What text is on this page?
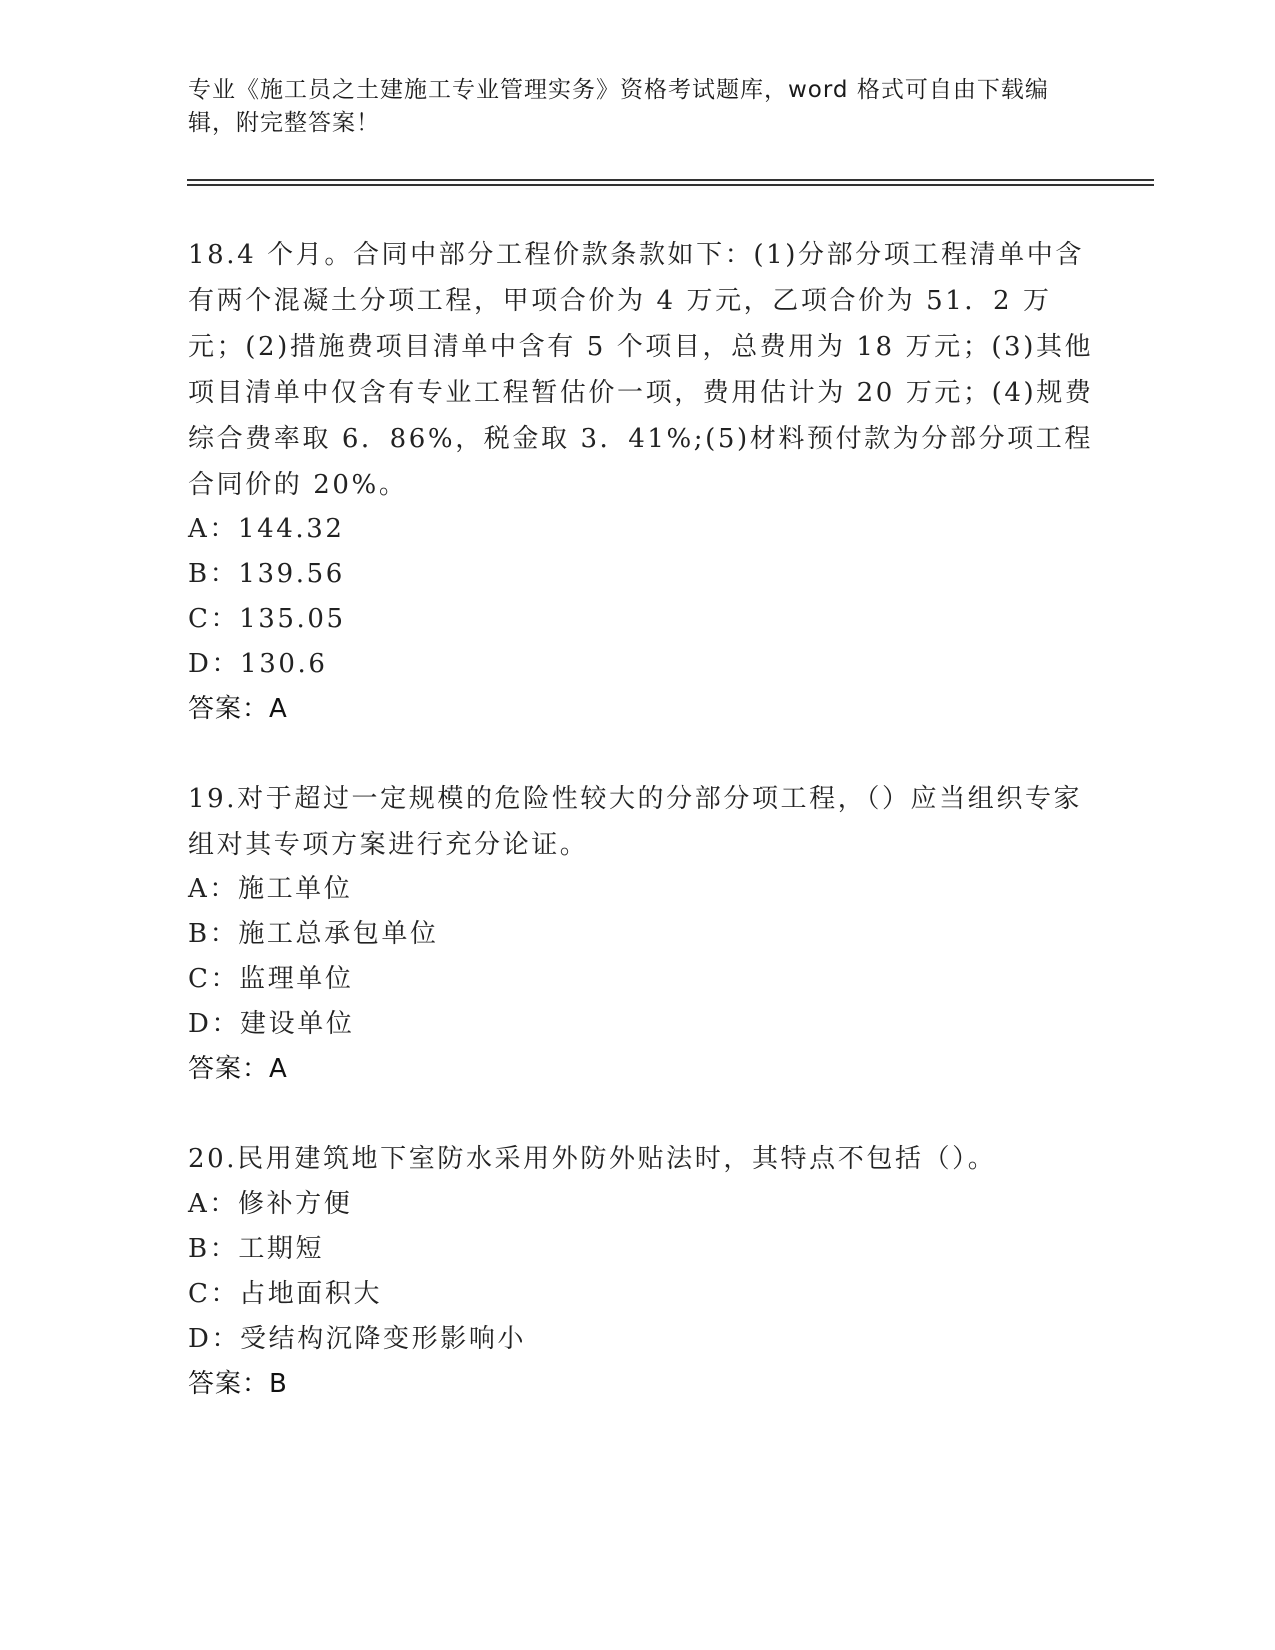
专业《施工员之土建施工专业管理实务》资格考试题库，word 格式可自由下载编辑，附完整答案！
18.4 个月。合同中部分工程价款条款如下：(1)分部分项工程清单中含有两个混凝土分项工程，甲项合价为 4 万元，乙项合价为 51．2 万元；(2)措施费项目清单中含有 5 个项目，总费用为 18 万元；(3)其他项目清单中仅含有专业工程暂估价一项，费用估计为 20 万元；(4)规费综合费率取 6．86%，税金取 3．41%;(5)材料预付款为分部分项工程合同价的 20%。
A：144.32
B：139.56
C：135.05
D：130.6
答案：A
19.对于超过一定规模的危险性较大的分部分项工程，（）应当组织专家组对其专项方案进行充分论证。
A：施工单位
B：施工总承包单位
C：监理单位
D：建设单位
答案：A
20.民用建筑地下室防水采用外防外贴法时，其特点不包括（）。
A：修补方便
B：工期短
C：占地面积大
D：受结构沉降变形影响小
答案：B
